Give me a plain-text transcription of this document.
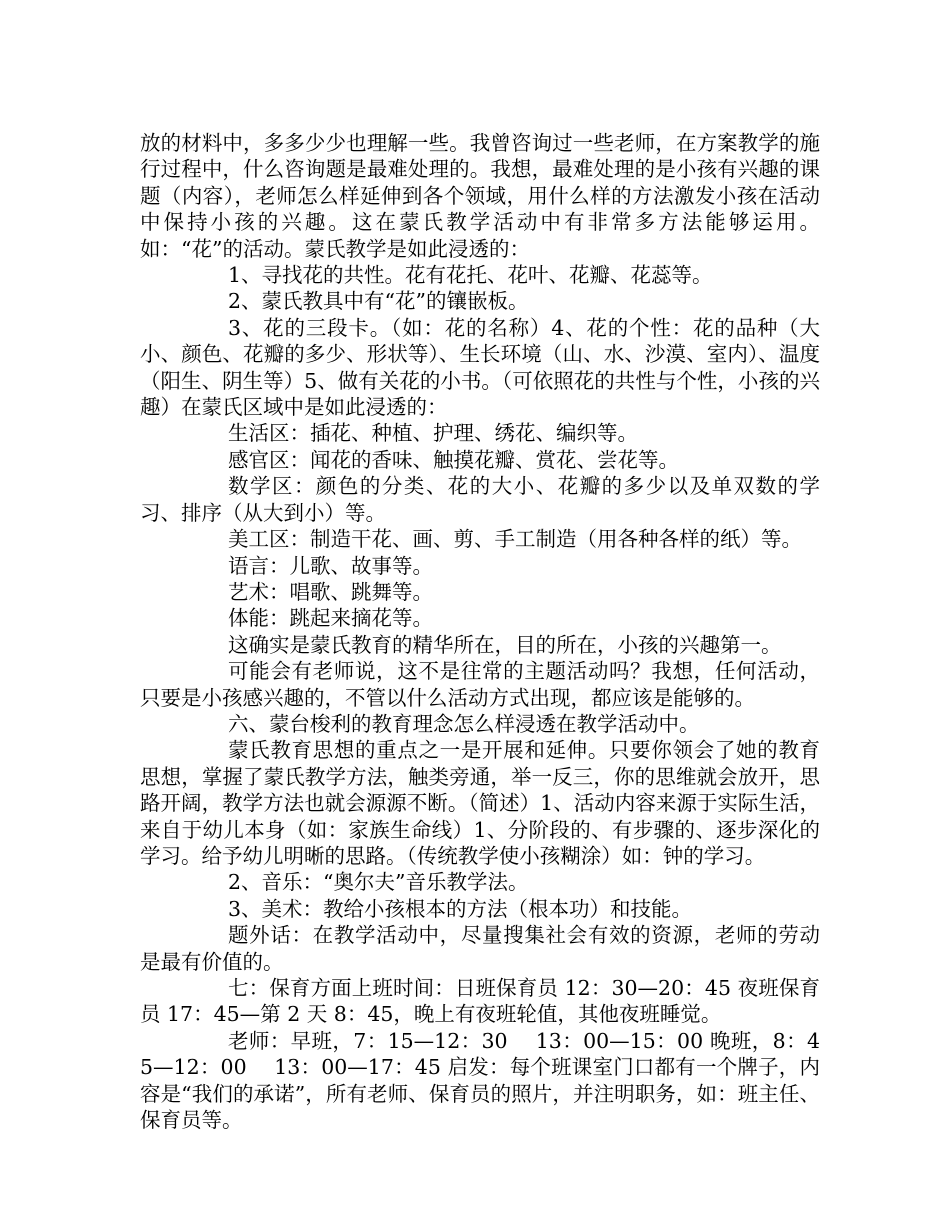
放的材料中，多多少少也理解一些。我曾咨询过一些老师，在方案教学的施行过程中，什么咨询题是最难处理的。我想，最难处理的是小孩有兴趣的课题（内容），老师怎么样延伸到各个领域，用什么样的方法激发小孩在活动中保持小孩的兴趣。这在蒙氏教学活动中有非常多方法能够运用。如：“花”的活动。蒙氏教学是如此浸透的：

1、寻找花的共性。花有花托、花叶、花瓣、花蕊等。

2、蒙氏教具中有“花”的镶嵌板。

3、花的三段卡。（如：花的名称）4、花的个性：花的品种（大小、颜色、花瓣的多少、形状等）、生长环境（山、水、沙漠、室内）、温度（阳生、阴生等）5、做有关花的小书。（可依照花的共性与个性，小孩的兴趣）在蒙氏区域中是如此浸透的：

生活区：插花、种植、护理、绣花、编织等。

感官区：闻花的香味、触摸花瓣、赏花、尝花等。

数学区：颜色的分类、花的大小、花瓣的多少以及单双数的学习、排序（从大到小）等。

美工区：制造干花、画、剪、手工制造（用各种各样的纸）等。

语言：儿歌、故事等。

艺术：唱歌、跳舞等。

体能：跳起来摘花等。

这确实是蒙氏教育的精华所在，目的所在，小孩的兴趣第一。

可能会有老师说，这不是往常的主题活动吗？我想，任何活动，只要是小孩感兴趣的，不管以什么活动方式出现，都应该是能够的。

六、蒙台梭利的教育理念怎么样浸透在教学活动中。

蒙氏教育思想的重点之一是开展和延伸。只要你领会了她的教育思想，掌握了蒙氏教学方法，触类旁通，举一反三，你的思维就会放开，思路开阔，教学方法也就会源源不断。（简述）1、活动内容来源于实际生活，来自于幼儿本身（如：家族生命线）1、分阶段的、有步骤的、逐步深化的学习。给予幼儿明晰的思路。（传统教学使小孩糊涂）如：钟的学习。

2、音乐：“奥尔夫”音乐教学法。

3、美术：教给小孩根本的方法（根本功）和技能。

题外话：在教学活动中，尽量搜集社会有效的资源，老师的劳动是最有价值的。

七：保育方面上班时间：日班保育员 12：30—20：45 夜班保育员 17：45—第 2 天 8：45，晚上有夜班轮值，其他夜班睡觉。

老师：早班，7：15—12：30　 13：00—15：00 晚班，8：45—12：00　 13：00—17：45 启发：每个班课室门口都有一个牌子，内容是“我们的承诺”，所有老师、保育员的照片，并注明职务，如：班主任、保育员等。
